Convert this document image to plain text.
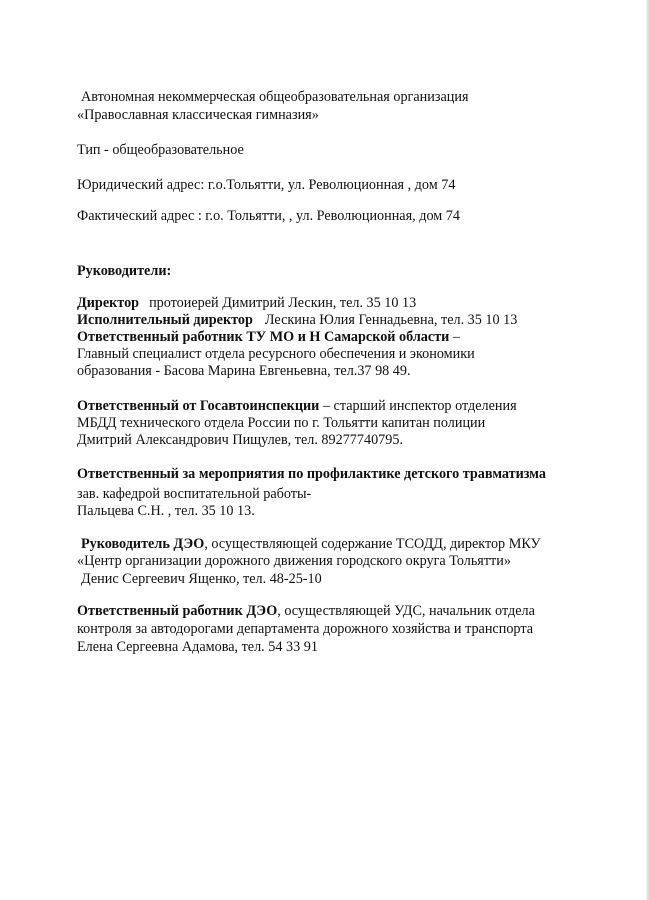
Автономная некоммерческая общеобразовательная организация
«Православная классическая гимназия»
Тип - общеобразовательное
Юридический адрес: г.о.Тольятти, ул. Революционная , дом 74
Фактический адрес : г.о. Тольятти, , ул. Революционная, дом 74
Руководители:
Директор протоиерей Димитрий Лескин, тел. 35 10 13
Исполнительный директор Лескина Юлия Геннадьевна, тел. 35 10 13
Ответственный работник ТУ МО и Н Самарской области –
Главный специалист отдела ресурсного обеспечения и экономики
образования - Басова Марина Евгеньевна, тел.37 98 49.
Ответственный от Госавтоинспекции – старший инспектор отделения
МБДД технического отдела России по г. Тольятти капитан полиции
Дмитрий Александрович Пищулев, тел. 89277740795.
Ответственный за мероприятия по профилактике детского травматизма
зав. кафедрой воспитательной работы-
Пальцева С.Н. , тел. 35 10 13.
Руководитель ДЭО, осуществляющей содержание ТСОДД, директор МКУ
«Центр организации дорожного движения городского округа Тольятти»
Денис Сергеевич Ященко, тел. 48-25-10
Ответственный работник ДЭО, осуществляющей УДС, начальник отдела
контроля за автодорогами департамента дорожного хозяйства и транспорта
Елена Сергеевна Адамова, тел. 54 33 91
